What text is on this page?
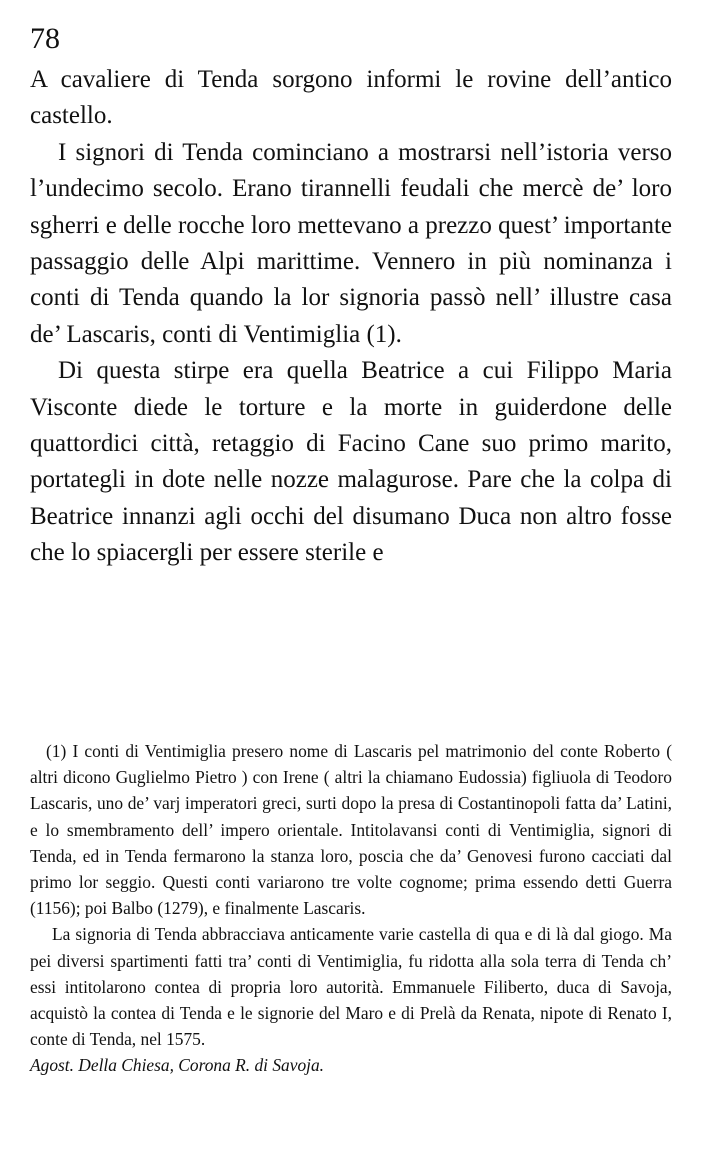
78

A cavaliere di Tenda sorgono informi le rovine dell’antico castello.

I signori di Tenda cominciano a mostrarsi nell’istoria verso l’undecimo secolo. Erano tirannelli feudali che mercè de’ loro sgherri e delle rocche loro mettevano a prezzo quest’ importante passaggio delle Alpi marittime. Vennero in più nominanza i conti di Tenda quando la lor signoria passò nell’ illustre casa de’ Lascaris, conti di Ventimiglia (1).

Di questa stirpe era quella Beatrice a cui Filippo Maria Visconte diede le torture e la morte in guiderdone delle quattordici città, retaggio di Facino Cane suo primo marito, portategli in dote nelle nozze malagurose. Pare che la colpa di Beatrice innanzi agli occhi del disumano Duca non altro fosse che lo spiacergli per essere sterile e

(1) I conti di Ventimiglia presero nome di Lascaris pel matrimonio del conte Roberto ( altri dicono Guglielmo Pietro ) con Irene ( altri la chiamano Eudossia) figliuola di Teodoro Lascaris, uno de’ varj imperatori greci, surti dopo la presa di Costantinopoli fatta da’ Latini, e lo smembramento dell’ impero orientale. Intitolavansi conti di Ventimiglia, signori di Tenda, ed in Tenda fermarono la stanza loro, poscia che da’ Genovesi furono cacciati dal primo lor seggio. Questi conti variarono tre volte cognome; prima essendo detti Guerra (1156); poi Balbo (1279), e finalmente Lascaris.

La signoria di Tenda abbracciava anticamente varie castella di qua e di là dal giogo. Ma pei diversi spartimenti fatti tra’ conti di Ventimiglia, fu ridotta alla sola terra di Tenda ch’ essi intitolarono contea di propria loro autorità. Emmanuele Filiberto, duca di Savoja, acquistò la contea di Tenda e le signorie del Maro e di Prelà da Renata, nipote di Renato I, conte di Tenda, nel 1575.

Agost. Della Chiesa, Corona R. di Savoja.
